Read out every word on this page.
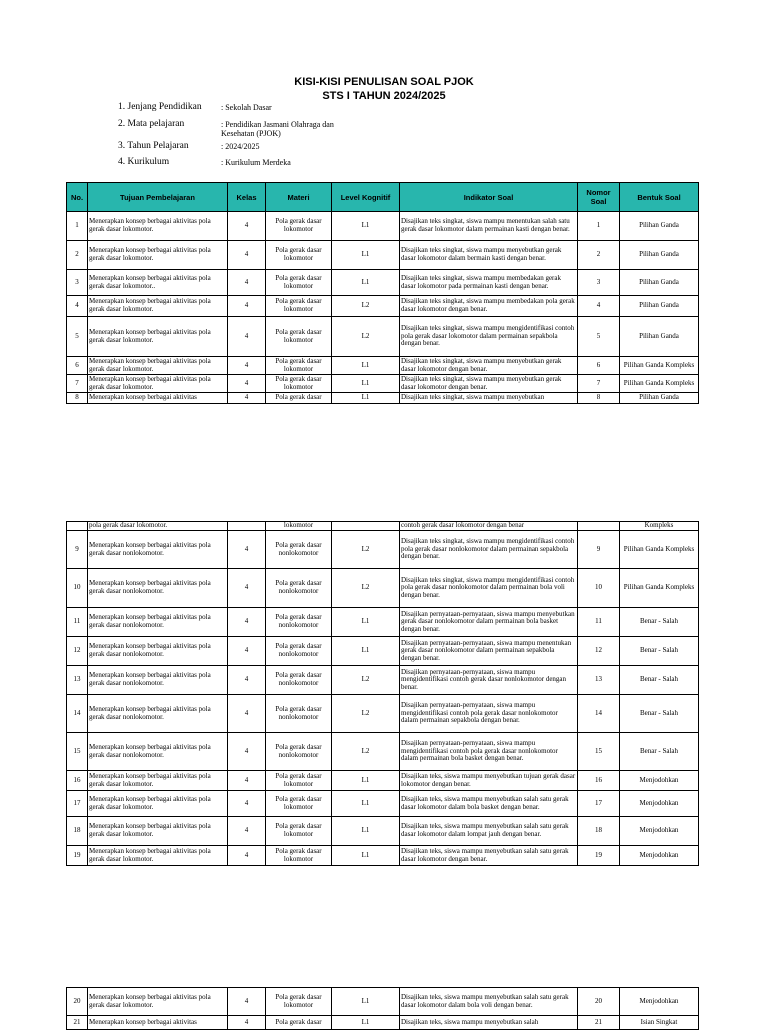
KISI-KISI PENULISAN SOAL PJOK
STS I TAHUN 2024/2025
1. Jenjang Pendidikan : Sekolah Dasar
2. Mata pelajaran	: Pendidikan Jasmani Olahraga dan
Kesehatan (PJOK)
3. Tahun Pelajaran	: 2024/2025
4. Kurikulum	: Kurikulum Merdeka
No.	Tujuan Pembelajaran	Kelas	Materi	Level Kognitif	Indikator Soal	Nomor Soal	Bentuk Soal
1	Menerapkan konsep berbagai aktivitas pola gerak dasar lokomotor.	4	Pola gerak dasar lokomotor	L1	Disajikan teks singkat, siswa mampu menentukan salah satu gerak dasar lokomotor dalam permainan kasti dengan benar.	1	Pilihan Ganda
2	Menerapkan konsep berbagai aktivitas pola gerak dasar lokomotor.	4	Pola gerak dasar lokomotor	L1	Disajikan teks singkat, siswa mampu menyebutkan gerak dasar lokomotor dalam bermain kasti dengan benar.	2	Pilihan Ganda
3	Menerapkan konsep berbagai aktivitas pola gerak dasar lokomotor..	4	Pola gerak dasar lokomotor	L1	Disajikan teks singkat, siswa mampu membedakan gerak dasar lokomotor pada permainan kasti dengan benar.	3	Pilihan Ganda
4	Menerapkan konsep berbagai aktivitas pola gerak dasar lokomotor.	4	Pola gerak dasar lokomotor	L2	Disajikan teks singkat, siswa mampu membedakan pola gerak dasar lokomotor dengan benar.	4	Pilihan Ganda
5	Menerapkan konsep berbagai aktivitas pola gerak dasar lokomotor.	4	Pola gerak dasar lokomotor	L2	Disajikan teks singkat, siswa mampu mengidentifikasi contoh pola gerak dasar lokomotor dalam permainan sepakbola dengan benar.	5	Pilihan Ganda
6	Menerapkan konsep berbagai aktivitas pola gerak dasar lokomotor.	4	Pola gerak dasar lokomotor	L1	Disajikan teks singkat, siswa mampu menyebutkan gerak dasar lokomotor dengan benar.	6	Pilihan Ganda Kompleks
7	Menerapkan konsep berbagai aktivitas pola gerak dasar lokomotor.	4	Pola gerak dasar lokomotor	L1	Disajikan teks singkat, siswa mampu menyebutkan gerak dasar lokomotor dengan benar.	7	Pilihan Ganda Kompleks
8	Menerapkan konsep berbagai aktivitas	4	Pola gerak dasar	L1	Disajikan teks singkat, siswa mampu menyebutkan	8	Pilihan Ganda
	pola gerak dasar lokomotor.		lokomotor		contoh gerak dasar lokomotor dengan benar		Kompleks
9	Menerapkan konsep berbagai aktivitas pola gerak dasar nonlokomotor.	4	Pola gerak dasar nonlokomotor	L2	Disajikan teks singkat, siswa mampu mengidentifikasi contoh pola gerak dasar nonlokomotor dalam permainan sepakbola dengan benar.	9	Pilihan Ganda Kompleks
10	Menerapkan konsep berbagai aktivitas pola gerak dasar nonlokomotor.	4	Pola gerak dasar nonlokomotor	L2	Disajikan teks singkat, siswa mampu mengidentifikasi contoh pola gerak dasar nonlokomotor dalam permainan bola voli dengan benar.	10	Pilihan Ganda Kompleks
11	Menerapkan konsep berbagai aktivitas pola gerak dasar nonlokomotor.	4	Pola gerak dasar nonlokomotor	L1	Disajikan pernyataan-pernyataan, siswa mampu menyebutkan gerak dasar nonlokomotor dalam permainan bola basket dengan benar.	11	Benar - Salah
12	Menerapkan konsep berbagai aktivitas pola gerak dasar nonlokomotor.	4	Pola gerak dasar nonlokomotor	L1	Disajikan pernyataan-pernyataan, siswa mampu menentukan gerak dasar nonlokomotor dalam permainan sepakbola dengan benar.	12	Benar - Salah
13	Menerapkan konsep berbagai aktivitas pola gerak dasar nonlokomotor.	4	Pola gerak dasar nonlokomotor	L2	Disajikan pernyataan-pernyataan, siswa mampu mengidentifikasi contoh gerak dasar nonlokomotor dengan benar.	13	Benar - Salah
14	Menerapkan konsep berbagai aktivitas pola gerak dasar nonlokomotor.	4	Pola gerak dasar nonlokomotor	L2	Disajikan pernyataan-pernyataan, siswa mampu mengidentifikasi contoh pola gerak dasar nonlokomotor dalam permainan sepakbola dengan benar.	14	Benar - Salah
15	Menerapkan konsep berbagai aktivitas pola gerak dasar nonlokomotor.	4	Pola gerak dasar nonlokomotor	L2	Disajikan pernyataan-pernyataan, siswa mampu mengidentifikasi contoh pola gerak dasar nonlokomotor dalam permainan bola basket dengan benar.	15	Benar - Salah
16	Menerapkan konsep berbagai aktivitas pola gerak dasar lokomotor.	4	Pola gerak dasar lokomotor	L1	Disajikan teks, siswa mampu menyebutkan tujuan gerak dasar lokomotor dengan benar.	16	Menjodohkan
17	Menerapkan konsep berbagai aktivitas pola gerak dasar lokomotor.	4	Pola gerak dasar lokomotor	L1	Disajikan teks, siswa mampu menyebutkan salah satu gerak dasar lokomotor dalam bola basket dengan benar.	17	Menjodohkan
18	Menerapkan konsep berbagai aktivitas pola gerak dasar lokomotor.	4	Pola gerak dasar lokomotor	L1	Disajikan teks, siswa mampu menyebutkan salah satu gerak dasar lokomotor dalam lompat jauh dengan benar.	18	Menjodohkan
19	Menerapkan konsep berbagai aktivitas pola gerak dasar lokomotor.	4	Pola gerak dasar lokomotor	L1	Disajikan teks, siswa mampu menyebutkan salah satu gerak dasar lokomotor dengan benar.	19	Menjodohkan
20	Menerapkan konsep berbagai aktivitas pola gerak dasar lokomotor.	4	Pola gerak dasar lokomotor	L1	Disajikan teks, siswa mampu menyebutkan salah satu gerak dasar lokomotor dalam bola voli dengan benar.	20	Menjodohkan
21	Menerapkan konsep berbagai aktivitas	4	Pola gerak dasar	L1	Disajikan teks, siswa mampu menyebutkan salah	21	Isian Singkat
